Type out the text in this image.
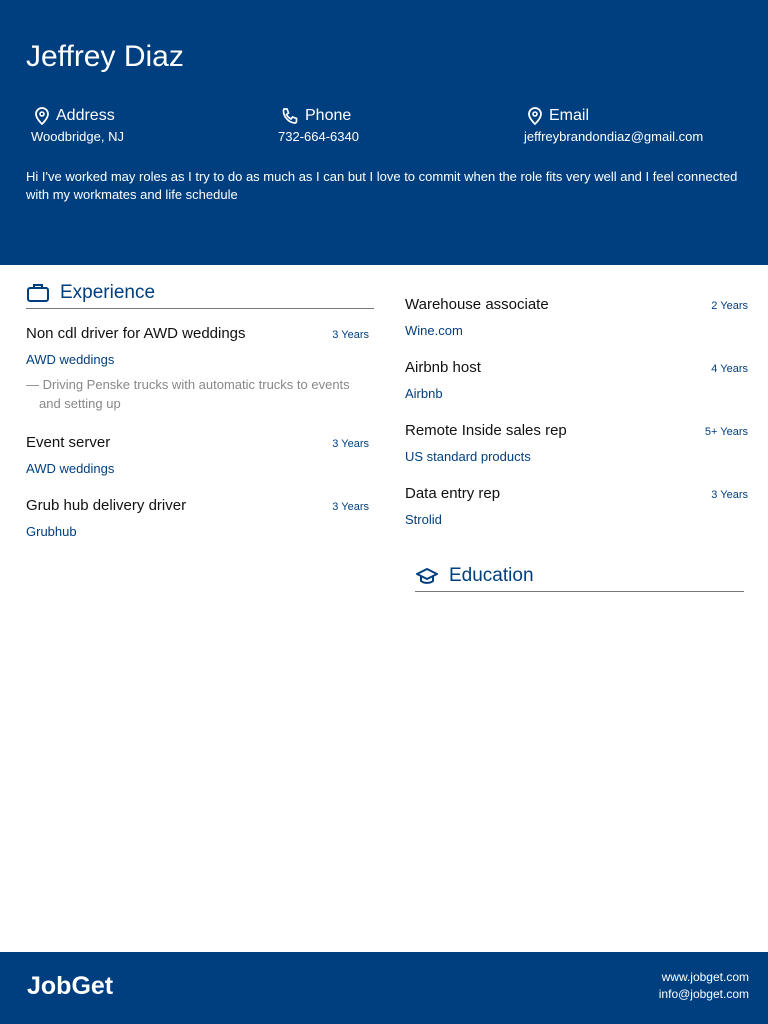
Jeffrey Diaz
Address
Woodbridge, NJ
Phone
732-664-6340
Email
jeffreybrandondiaz@gmail.com
Hi I've worked may roles as I try to do as much as I can but I love to commit when the role fits very well and I feel connected with my workmates and life schedule
Experience
Non cdl driver for AWD weddings	3 Years
AWD weddings
— Driving Penske trucks with automatic trucks to events and setting up
Event server	3 Years
AWD weddings
Grub hub delivery driver	3 Years
Grubhub
Warehouse associate	2 Years
Wine.com
Airbnb host	4 Years
Airbnb
Remote Inside sales rep	5+ Years
US standard products
Data entry rep	3 Years
Strolid
Education
JobGet	www.jobget.com
info@jobget.com
